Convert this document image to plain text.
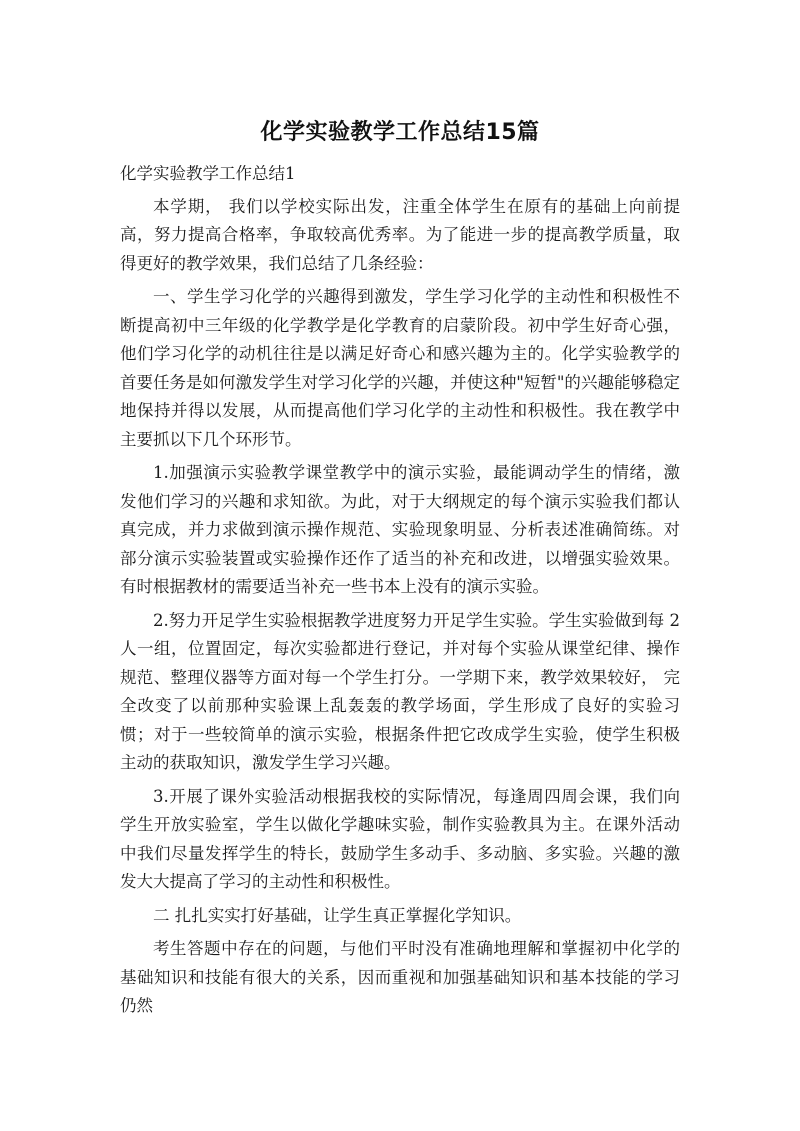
化学实验教学工作总结15篇

化学实验教学工作总结1

本学期， 我们以学校实际出发，注重全体学生在原有的基础上向前提高，努力提高合格率，争取较高优秀率。为了能进一步的提高教学质量，取得更好的教学效果，我们总结了几条经验：

一、学生学习化学的兴趣得到激发，学生学习化学的主动性和积极性不断提高初中三年级的化学教学是化学教育的启蒙阶段。初中学生好奇心强，他们学习化学的动机往往是以满足好奇心和感兴趣为主的。化学实验教学的首要任务是如何激发学生对学习化学的兴趣，并使这种"短暂"的兴趣能够稳定地保持并得以发展，从而提高他们学习化学的主动性和积极性。我在教学中主要抓以下几个环形节。

1.加强演示实验教学课堂教学中的演示实验，最能调动学生的情绪，激发他们学习的兴趣和求知欲。为此，对于大纲规定的每个演示实验我们都认真完成，并力求做到演示操作规范、实验现象明显、分析表述准确简练。对部分演示实验装置或实验操作还作了适当的补充和改进，以增强实验效果。有时根据教材的需要适当补充一些书本上没有的演示实验。

2.努力开足学生实验根据教学进度努力开足学生实验。学生实验做到每 2人一组，位置固定，每次实验都进行登记，并对每个实验从课堂纪律、操作规范、整理仪器等方面对每一个学生打分。一学期下来，教学效果较好， 完全改变了以前那种实验课上乱轰轰的教学场面，学生形成了良好的实验习惯；对于一些较简单的演示实验，根据条件把它改成学生实验，使学生积极主动的获取知识，激发学生学习兴趣。

3.开展了课外实验活动根据我校的实际情况，每逢周四周会课，我们向学生开放实验室，学生以做化学趣味实验，制作实验教具为主。在课外活动中我们尽量发挥学生的特长，鼓励学生多动手、多动脑、多实验。兴趣的激发大大提高了学习的主动性和积极性。

二 扎扎实实打好基础，让学生真正掌握化学知识。

考生答题中存在的问题，与他们平时没有准确地理解和掌握初中化学的基础知识和技能有很大的关系，因而重视和加强基础知识和基本技能的学习仍然
